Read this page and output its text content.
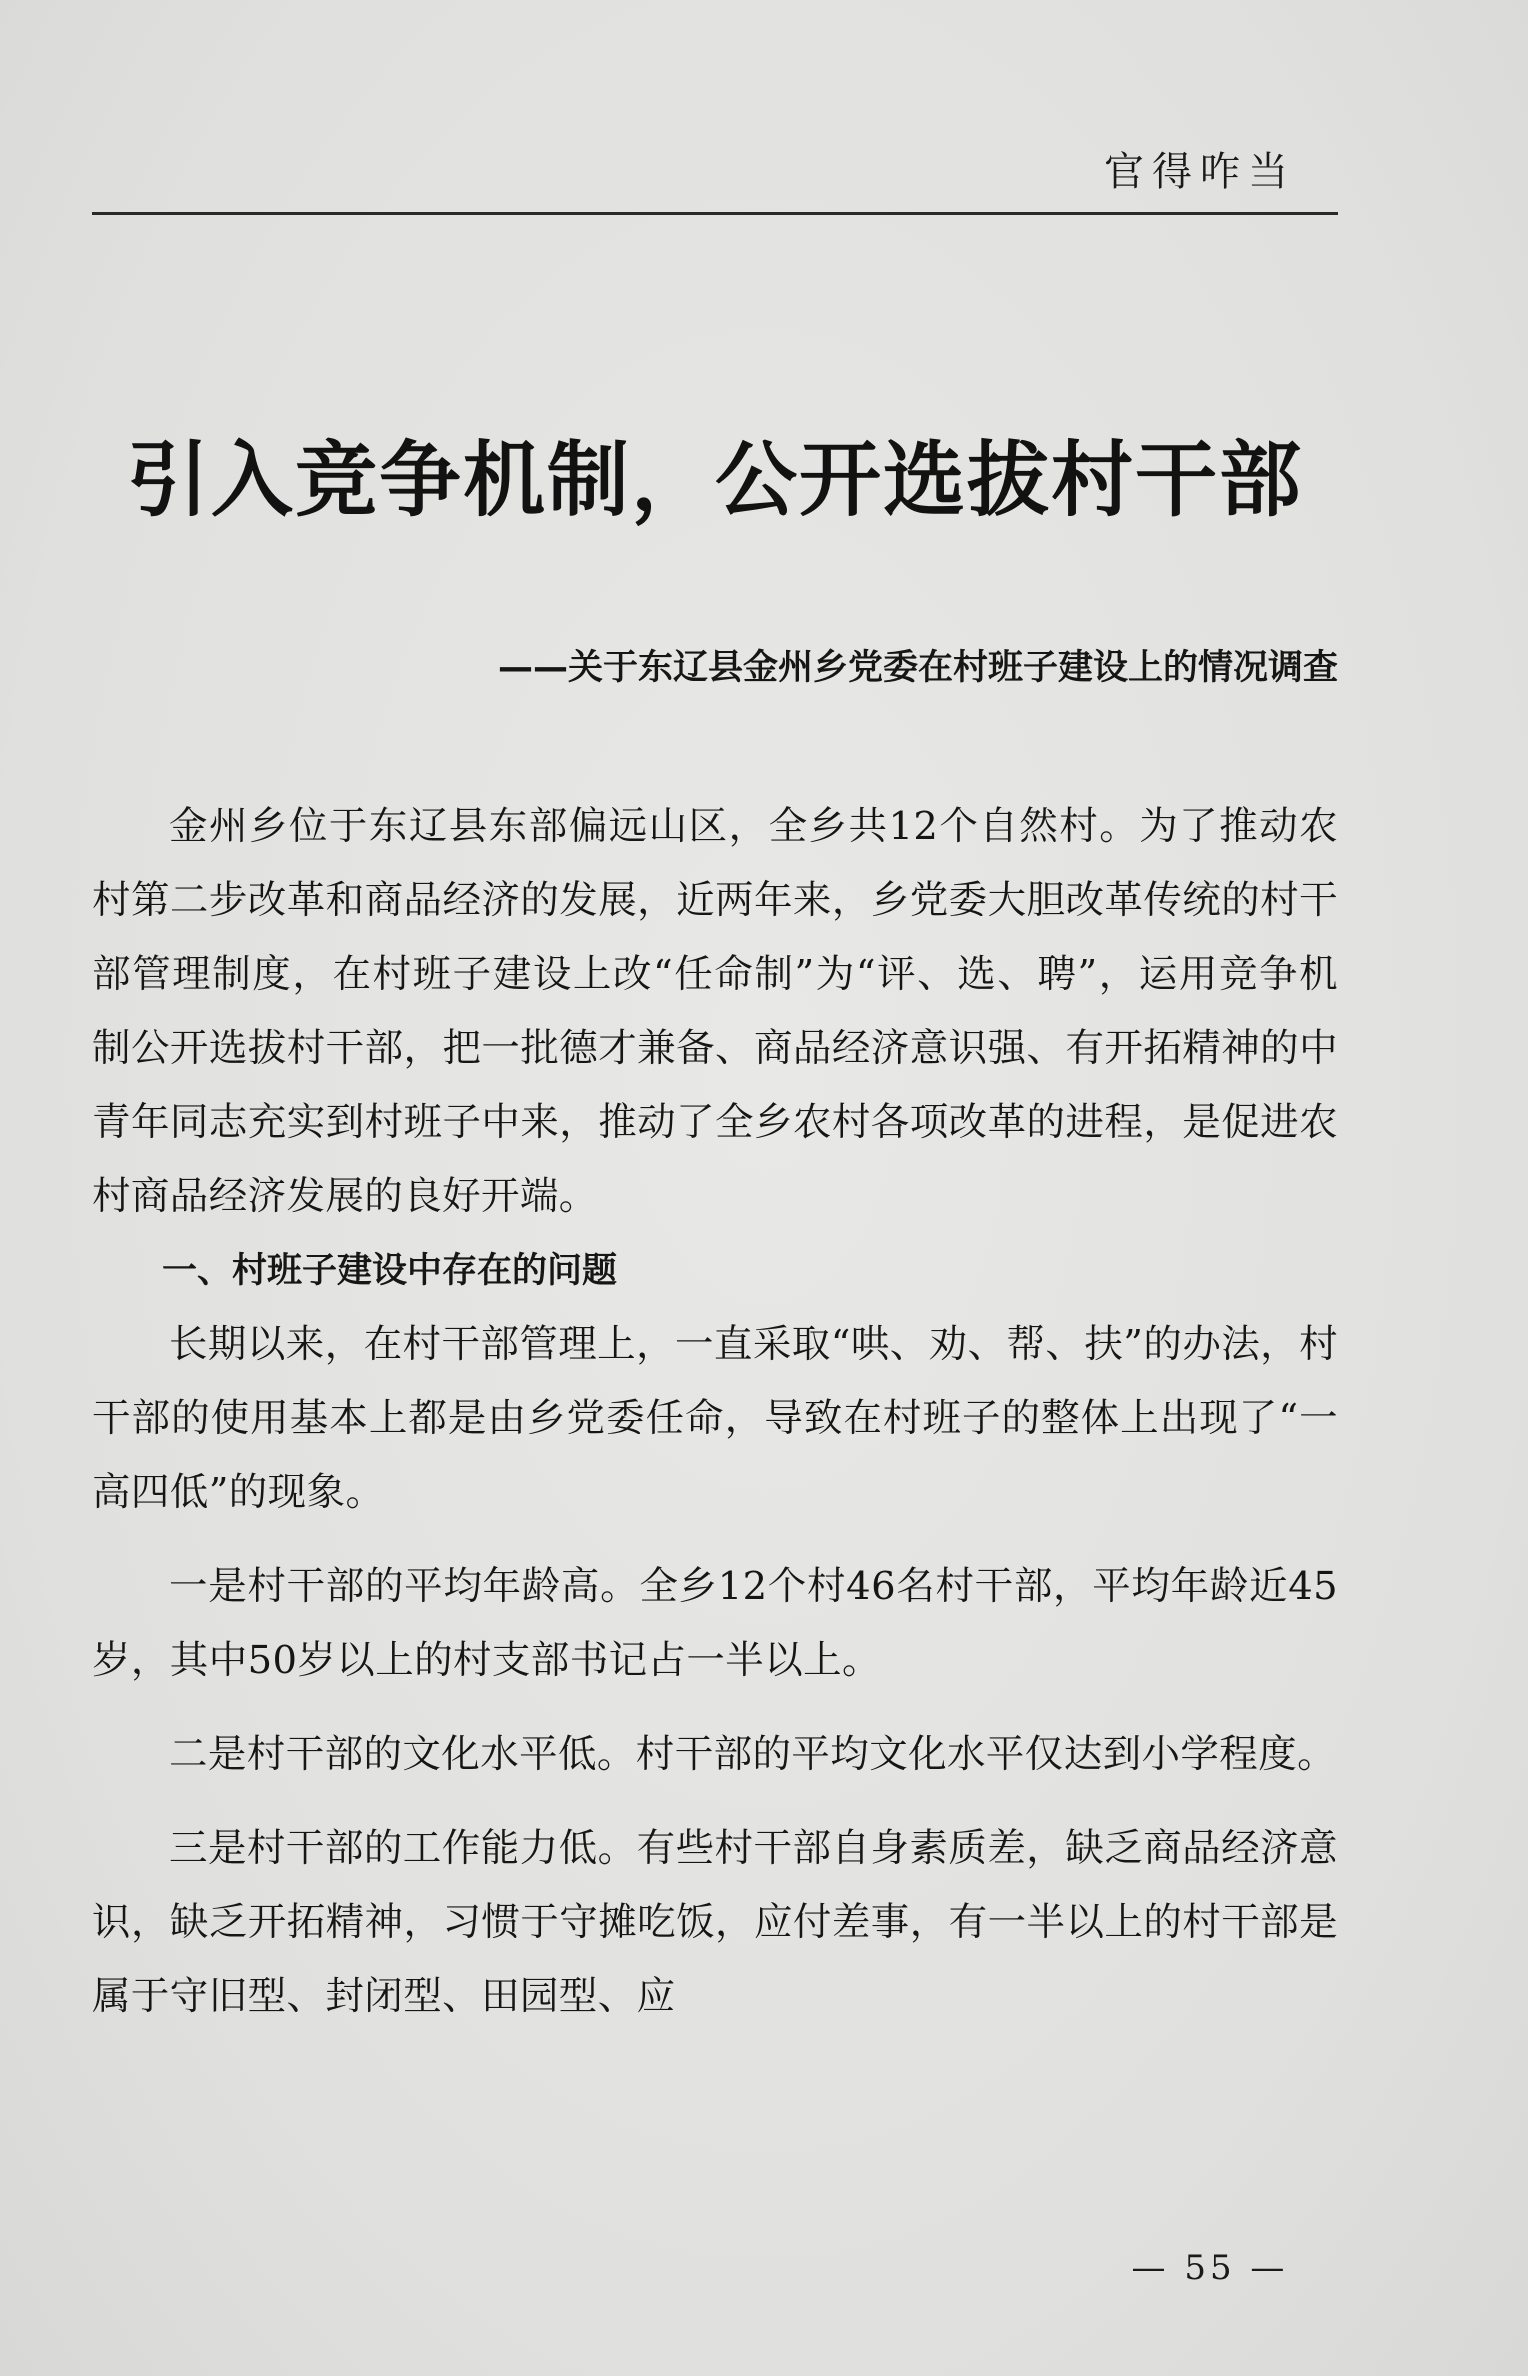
官得咋当
引入竞争机制，公开选拔村干部
——关于东辽县金州乡党委在村班子建设上的情况调查

金州乡位于东辽县东部偏远山区，全乡共12个自然村。为了推动农村第二步改革和商品经济的发展，近两年来，乡党委大胆改革传统的村干部管理制度，在村班子建设上改“任命制”为“评、选、聘”，运用竞争机制公开选拔村干部，把一批德才兼备、商品经济意识强、有开拓精神的中青年同志充实到村班子中来，推动了全乡农村各项改革的进程，是促进农村商品经济发展的良好开端。

一、村班子建设中存在的问题

长期以来，在村干部管理上，一直采取“哄、劝、帮、扶”的办法，村干部的使用基本上都是由乡党委任命，导致在村班子的整体上出现了“一高四低”的现象。

一是村干部的平均年龄高。全乡12个村46名村干部，平均年龄近45岁，其中50岁以上的村支部书记占一半以上。

二是村干部的文化水平低。村干部的平均文化水平仅达到小学程度。

三是村干部的工作能力低。有些村干部自身素质差，缺乏商品经济意识，缺乏开拓精神，习惯于守摊吃饭，应付差事，有一半以上的村干部是属于守旧型、封闭型、田园型、应

— 55 —
